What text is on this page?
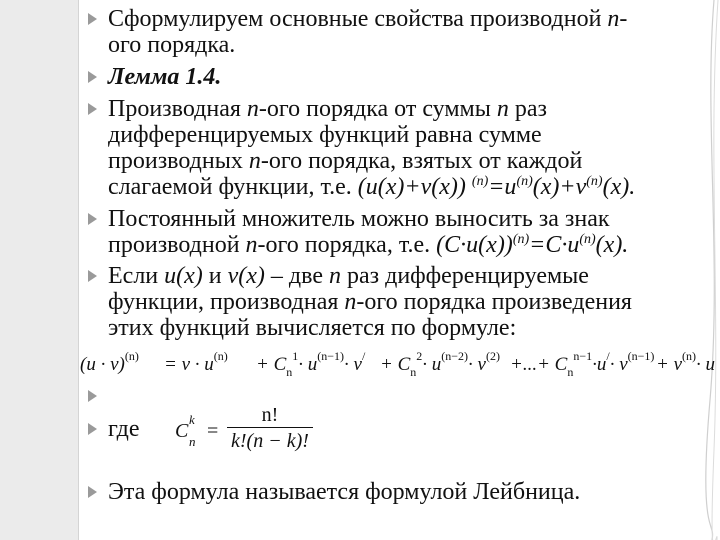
Сформулируем основные свойства производной n-
ого порядка.
Лемма 1.4.
Производная n-ого порядка от суммы n раз
дифференцируемых функций равна сумме
производных n-ого порядка, взятых от каждой
слагаемой функции, т.е. (u(x)+v(x)) $^{(n)}=u^{(n)}(x)+v^{(n)}(x)$.
Постоянный множитель можно выносить за знак
производной n-ого порядка, т.е. $(C\cdot u(x))^{(n)}=C\cdot u^{(n)}(x)$.
Если u(x) и v(x) – две n раз дифференцируемые
функции, производная n-ого порядка произведения
этих функций вычисляется по формуле:
$(u \cdot v)^{(n)} = v \cdot u^{(n)} + C_n^1\cdot u^{(n-1)}\cdot v^/ + C_n^2\cdot u^{(n-2)}\cdot v^{(2)}$ +...+ $C_n^{n-1}\cdot u^/\cdot v^{(n-1)} + v^{(n)}\cdot u$
где	C
k
$n = \frac{n!}{k!(n - k)!}$
Эта формула называется формулой Лейбница.
